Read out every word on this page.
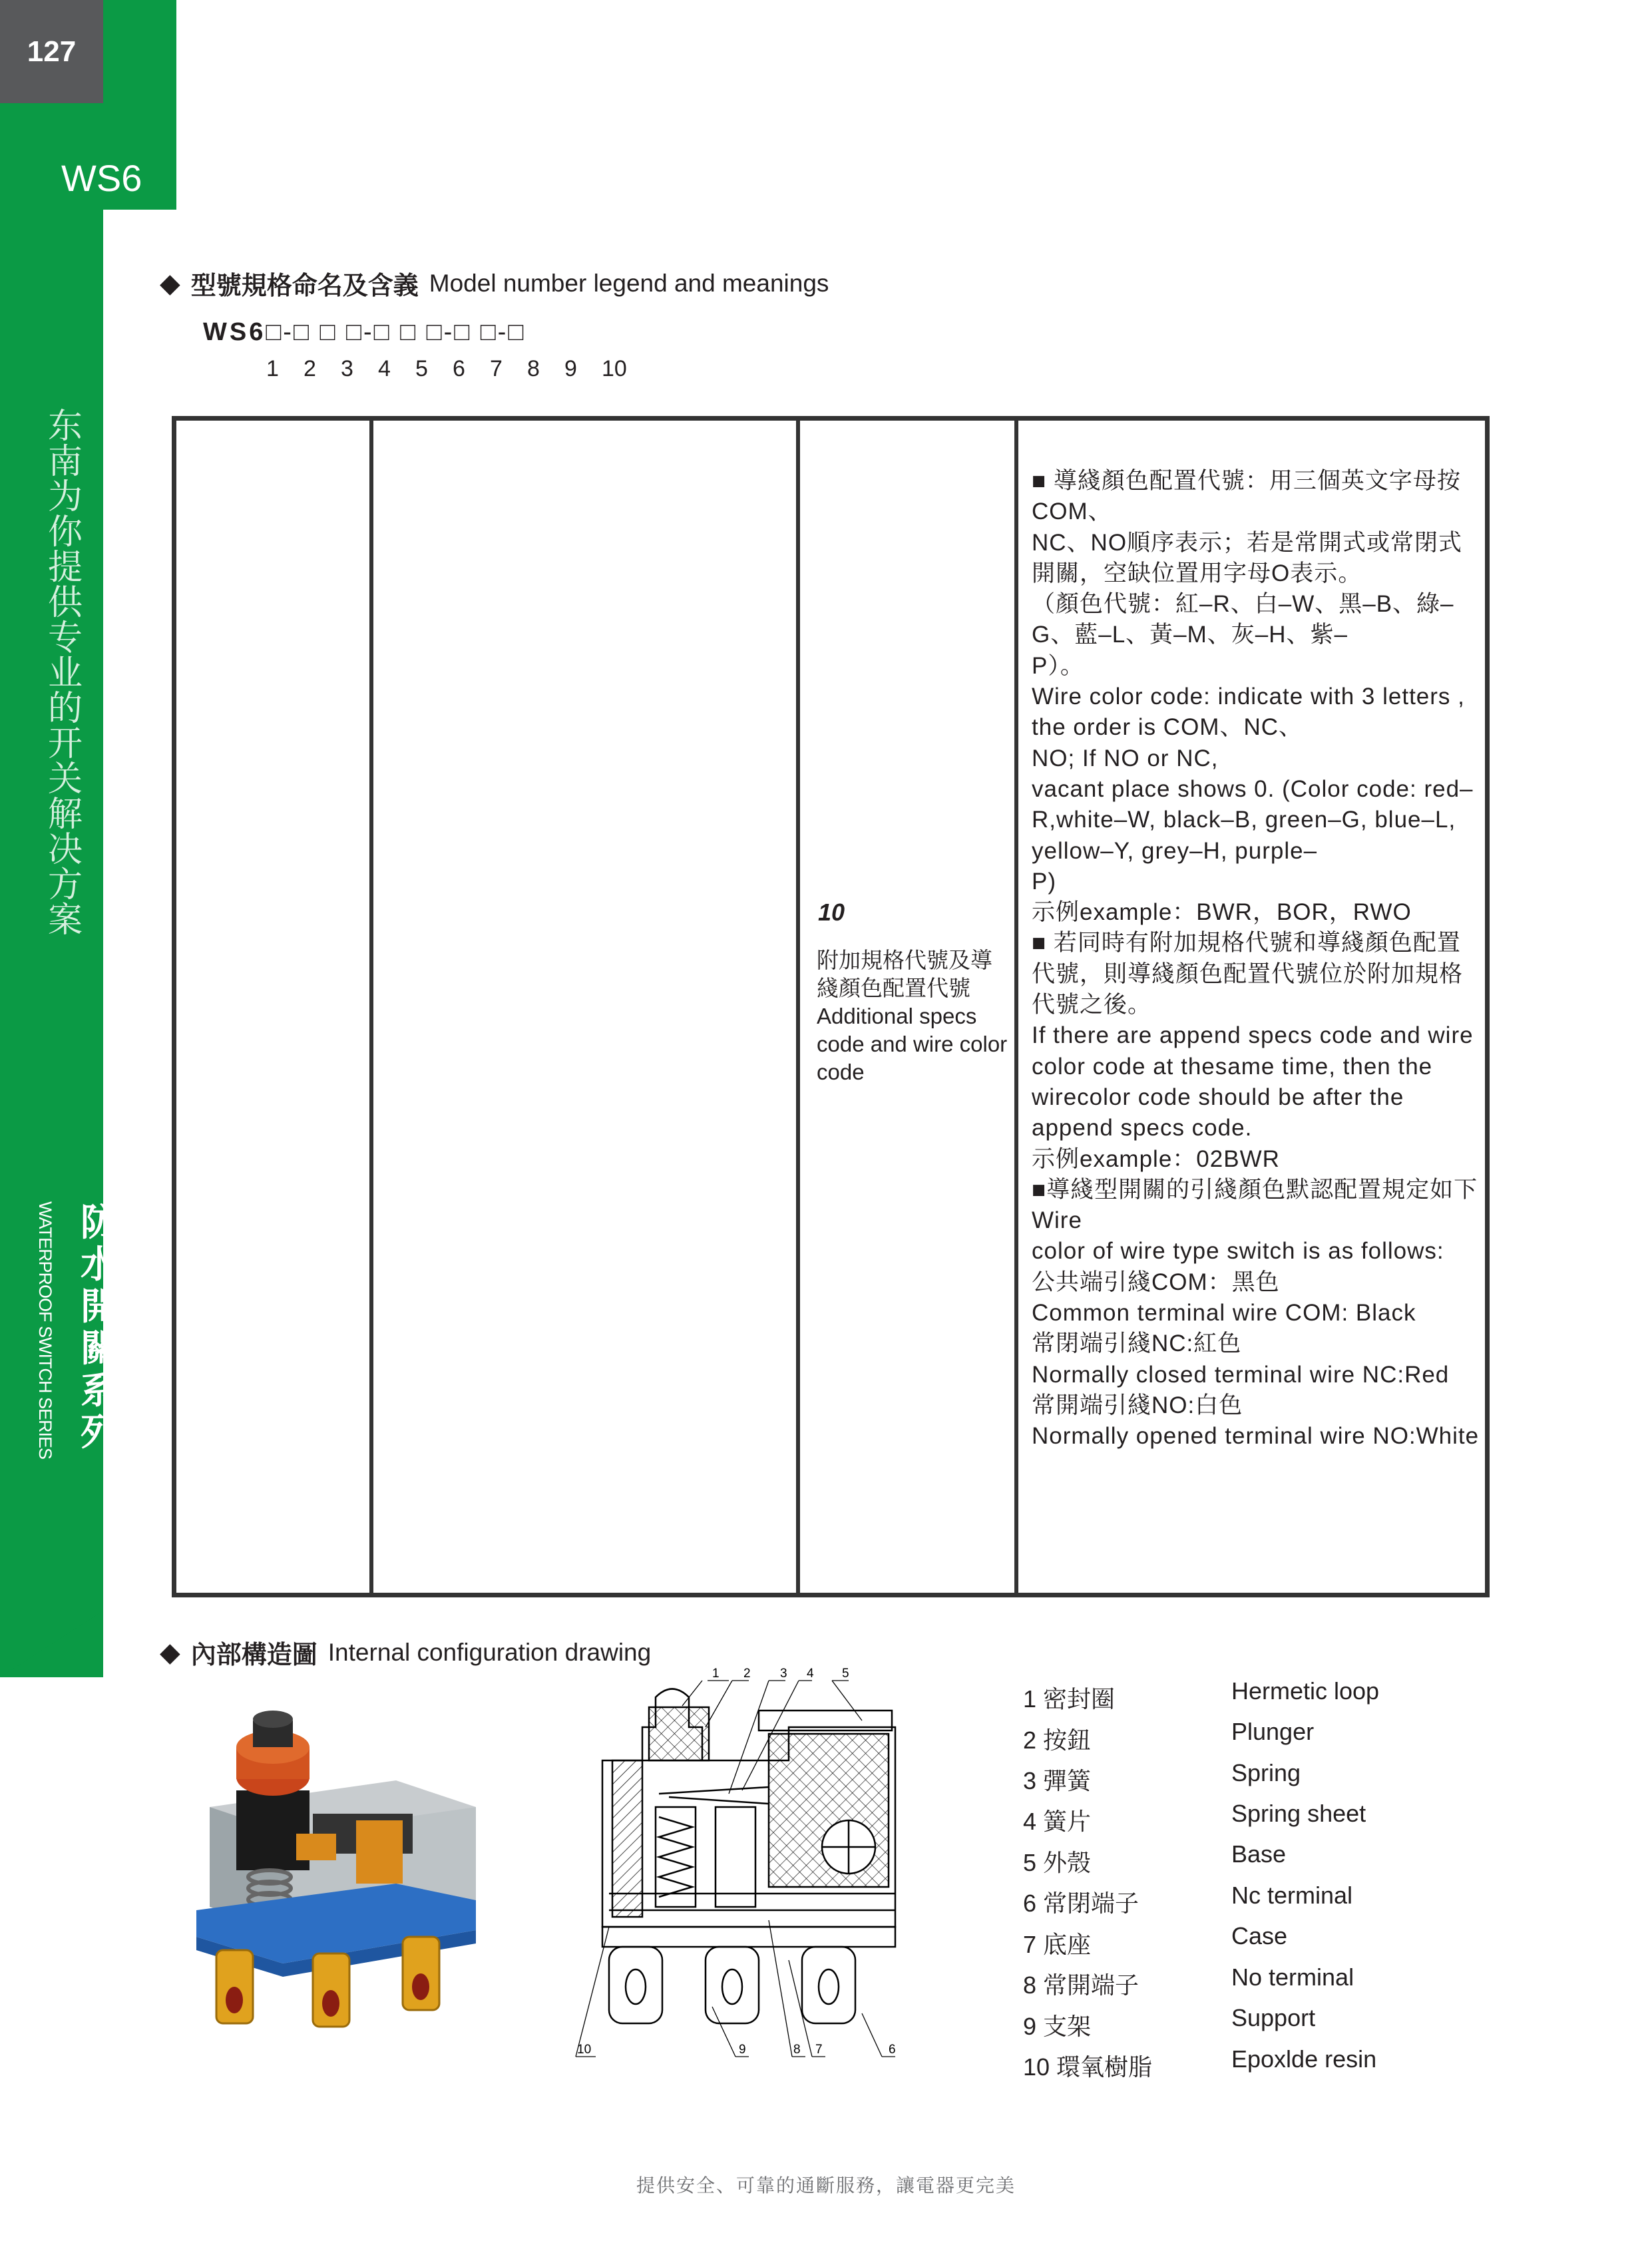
127
WS6
东南为你提供专业的开关解决方案
WATERPROOF SWITCH SERIES 防水開關系列
◆ 型號規格命名及含義 Model number legend and meanings
WS6□-□ □ □-□ □ □-□ □-□
1 2 3 4 5 6 7 8 9 10
10
附加規格代號及導綫顏色配置代號 Additional specs code and wire color code
■ 導綫顏色配置代號：用三個英文字母按COM、
NC、NO順序表示；若是常開式或常閉式開關，空缺位置用字母O表示。
（顏色代號：紅–R、白–W、黑–B、綠–G、藍–L、黃–M、灰–H、紫–
P）。
Wire color code: indicate with 3 letters , the order is COM、NC、
NO; If NO or NC,
vacant place shows 0. (Color code: red–R,white–W, black–B, green–G, blue–L, yellow–Y, grey–H, purple–
P)
示例example：BWR，BOR，RWO
■ 若同時有附加規格代號和導綫顏色配置代號，則導綫顏色配置代號位於附加規格代號之後。
If there are append specs code and wire color code at thesame time, then the wirecolor code should be after the append specs code.
示例example：02BWR
■導綫型開關的引綫顏色默認配置規定如下Wire
color of wire type switch is as follows:
公共端引綫COM：黑色
Common terminal wire COM: Black
常閉端引綫NC:紅色
Normally closed terminal wire NC:Red
常開端引綫NO:白色
Normally opened terminal wire NO:White
◆ 內部構造圖 Internal configuration drawing
1 2 3 4 5
6
7
8
9
10
1 密封圈	Hermetic loop
2 按鈕	Plunger
3 彈簧	Spring
4 簧片	Spring sheet
5 外殼	Base
6 常閉端子	Nc terminal
7 底座	Case
8 常開端子	No terminal
9 支架	Support
10 環氧樹脂	Epoxlde resin
提供安全、可靠的通斷服務，讓電器更完美
